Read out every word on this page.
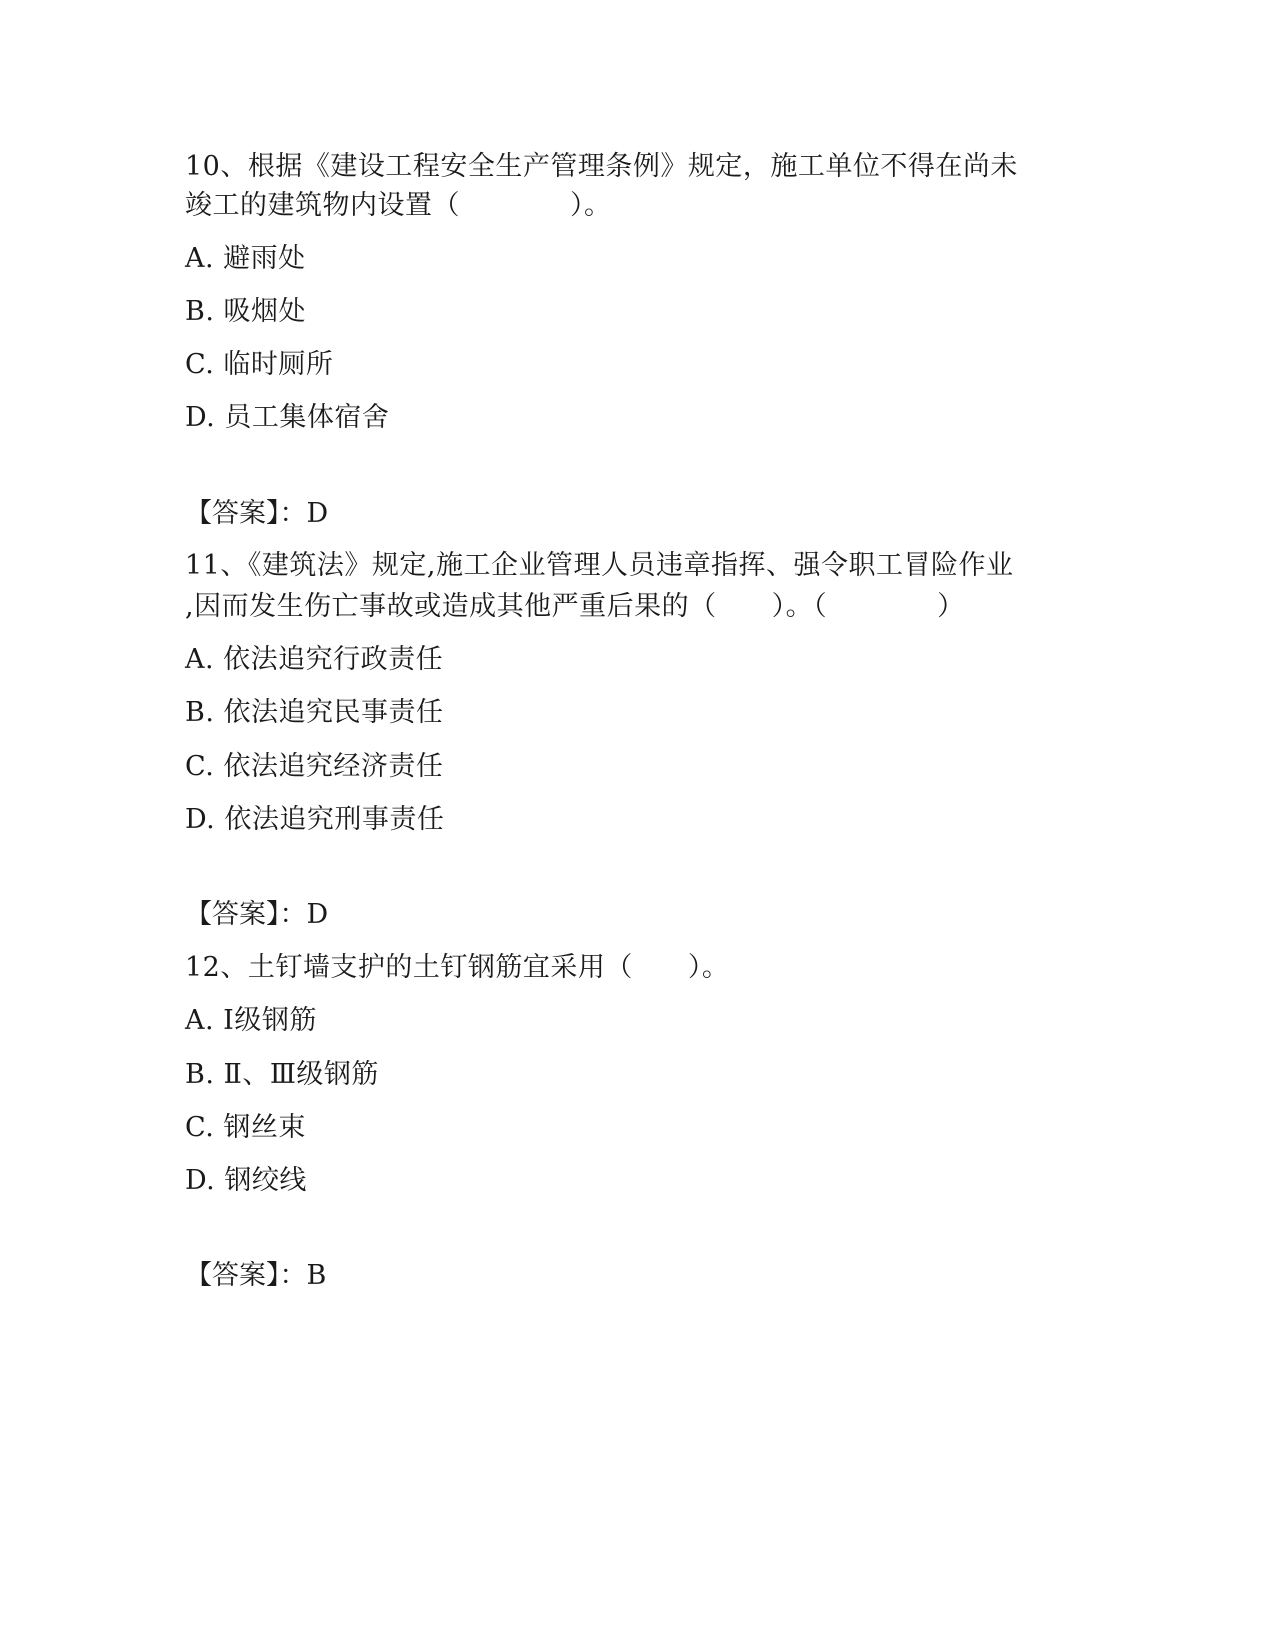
10、根据《建设工程安全生产管理条例》规定，施工单位不得在尚未
竣工的建筑物内设置（　　　　）。
A. 避雨处
B. 吸烟处
C. 临时厕所
D. 员工集体宿舍
【答案】：D
11、《建筑法》规定,施工企业管理人员违章指挥、强令职工冒险作业
,因而发生伤亡事故或造成其他严重后果的（　　）。（　　　　）
A. 依法追究行政责任
B. 依法追究民事责任
C. 依法追究经济责任
D. 依法追究刑事责任
【答案】：D
12、土钉墙支护的土钉钢筋宜采用（　　）。
A. Ⅰ级钢筋
B. Ⅱ、Ⅲ级钢筋
C. 钢丝束
D. 钢绞线
【答案】：B
